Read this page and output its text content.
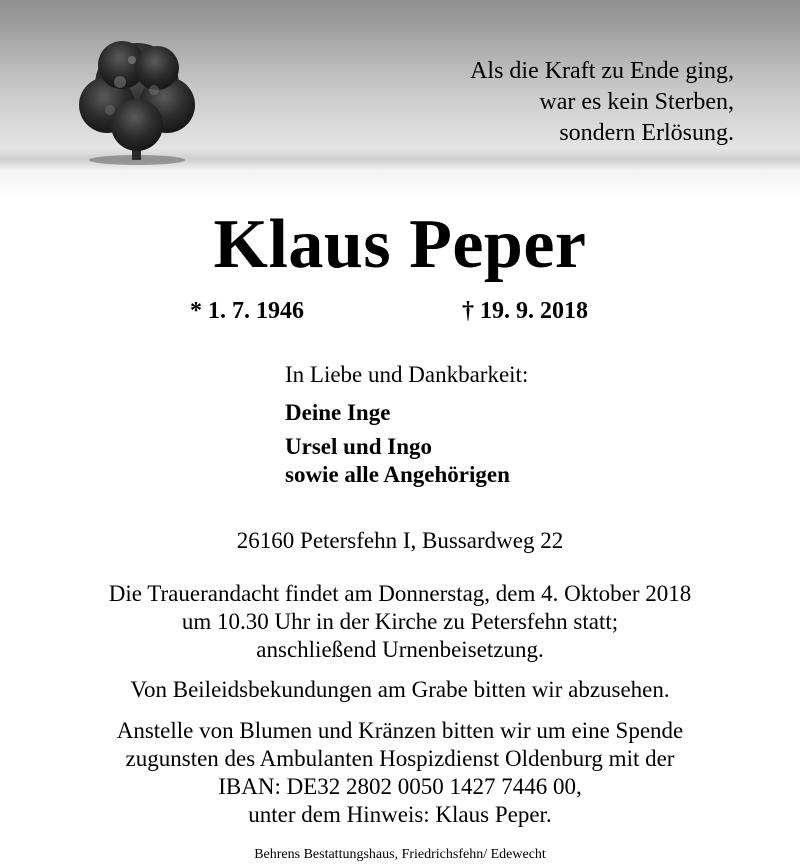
Als die Kraft zu Ende ging,
war es kein Sterben,
sondern Erlösung.
Klaus Peper
* 1. 7. 1946	† 19. 9. 2018
In Liebe und Dankbarkeit:
Deine Inge
Ursel und Ingo
sowie alle Angehörigen
26160 Petersfehn I, Bussardweg 22
Die Trauerandacht findet am Donnerstag, dem 4. Oktober 2018
um 10.30 Uhr in der Kirche zu Petersfehn statt;
anschließend Urnenbeisetzung.
Von Beileidsbekundungen am Grabe bitten wir abzusehen.
Anstelle von Blumen und Kränzen bitten wir um eine Spende
zugunsten des Ambulanten Hospizdienst Oldenburg mit der
IBAN: DE32 2802 0050 1427 7446 00,
unter dem Hinweis: Klaus Peper.
Behrens Bestattungshaus, Friedrichsfehn/ Edewecht
